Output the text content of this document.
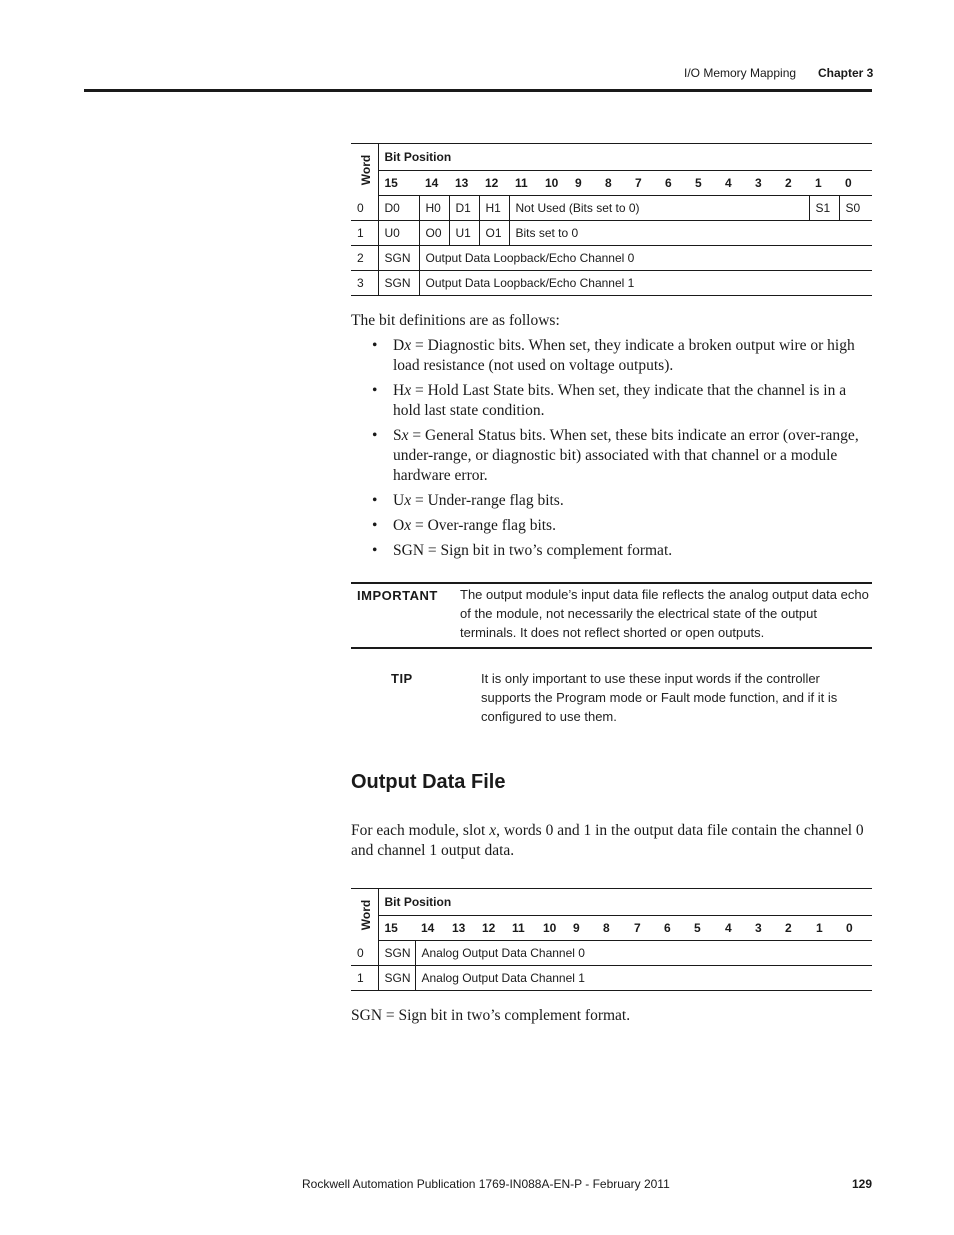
I/O Memory Mapping Chapter 3
Word	Bit Position															
	15	14	13	12	11	10	9	8	7	6	5	4	3	2	1	0
0	D0	H0	D1	H1	Not Used (Bits set to 0)										S1	S0
1	U0	O0	U1	O1	Bits set to 0											
2	SGN	Output Data Loopback/Echo Channel 0														
3	SGN	Output Data Loopback/Echo Channel 1														
The bit definitions are as follows:
• Dx = Diagnostic bits. When set, they indicate a broken output wire or high load resistance (not used on voltage outputs).
• Hx = Hold Last State bits. When set, they indicate that the channel is in a hold last state condition.
• Sx = General Status bits. When set, these bits indicate an error (over-range, under-range, or diagnostic bit) associated with that channel or a module hardware error.
• Ux = Under-range flag bits.
• Ox = Over-range flag bits.
• SGN = Sign bit in two’s complement format.
IMPORTANT The output module’s input data file reflects the analog output data echo of the module, not necessarily the electrical state of the output terminals. It does not reflect shorted or open outputs.
TIP	It is only important to use these input words if the controller supports the Program mode or Fault mode function, and if it is configured to use them.
Output Data File
For each module, slot x, words 0 and 1 in the output data file contain the channel 0 and channel 1 output data.
Word	Bit Position															
	15	14	13	12	11	10	9	8	7	6	5	4	3	2	1	0
0	SGN	Analog Output Data Channel 0														
1	SGN	Analog Output Data Channel 1														
SGN = Sign bit in two’s complement format.
Rockwell Automation Publication 1769-IN088A-EN-P - February 2011	129
